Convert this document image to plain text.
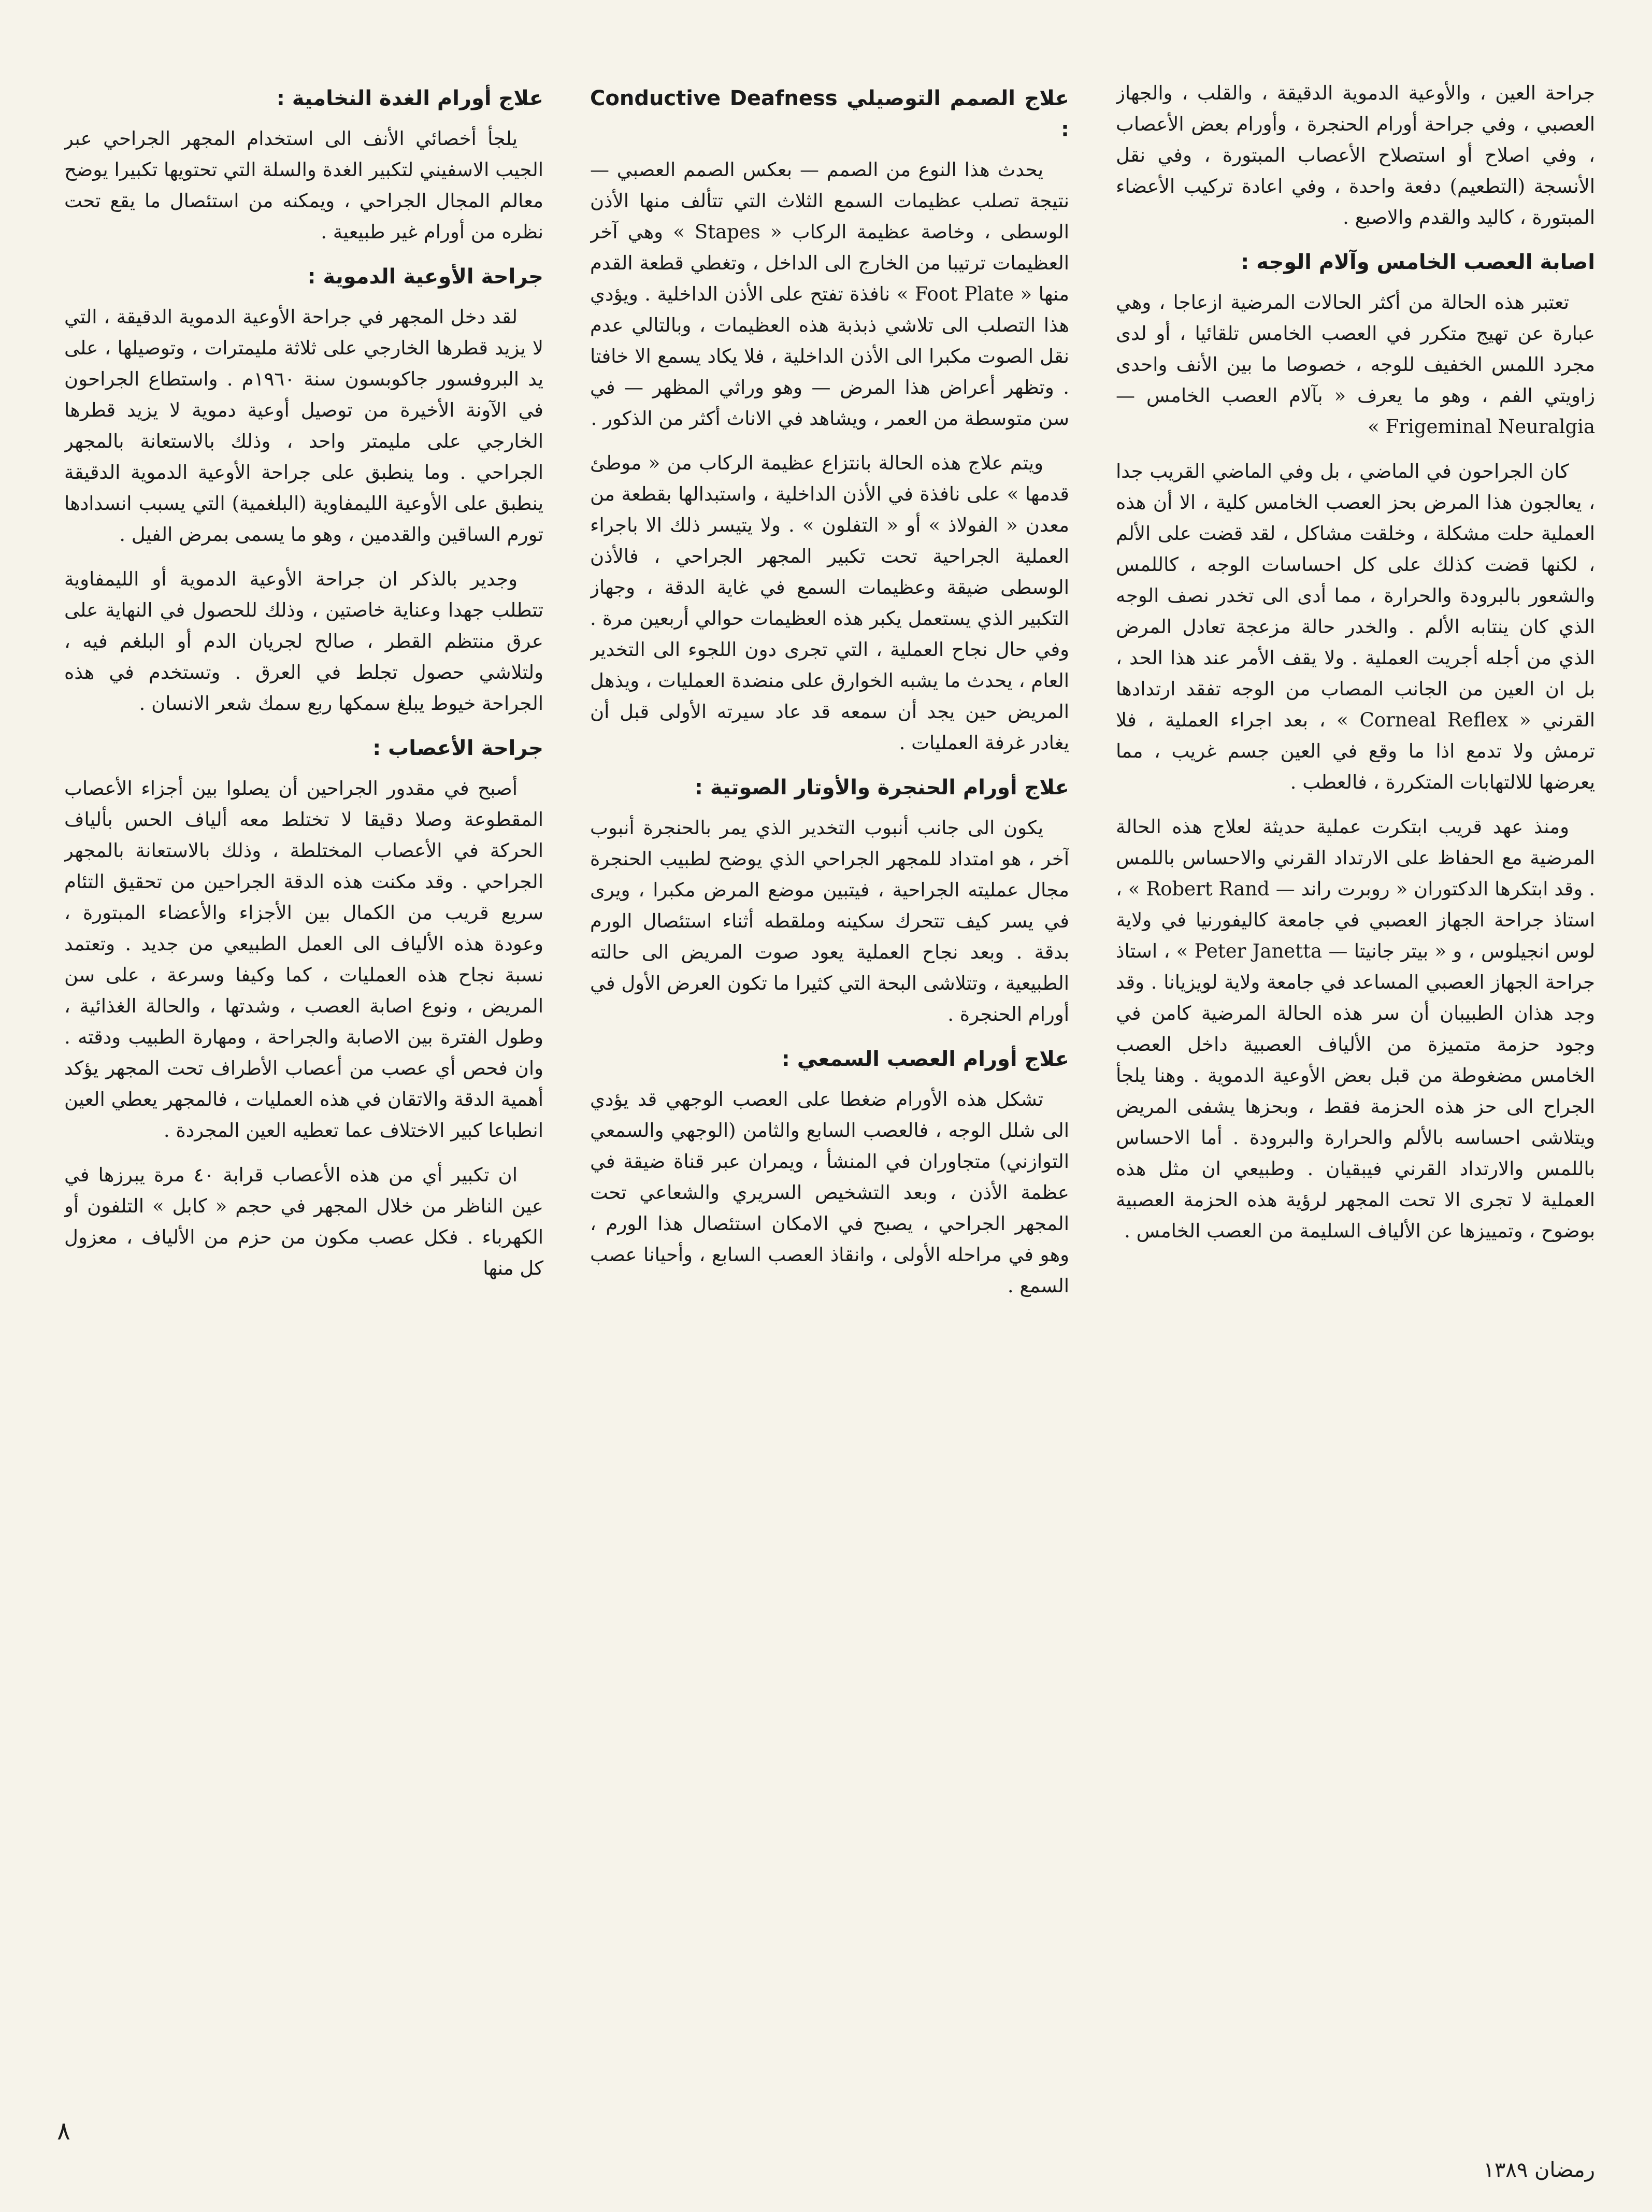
جراحة العين ، والأوعية الدموية الدقيقة ، والقلب ، والجهاز العصبي ، وفي جراحة أورام الحنجرة ، وأورام بعض الأعصاب ، وفي اصلاح أو استصلاح الأعصاب المبتورة ، وفي نقل الأنسجة (التطعيم) دفعة واحدة ، وفي اعادة تركيب الأعضاء المبتورة ، كاليد والقدم والاصبع .

اصابة العصب الخامس وآلام الوجه :

تعتبر هذه الحالة من أكثر الحالات المرضية ازعاجا ، وهي عبارة عن تهيج متكرر في العصب الخامس تلقائيا ، أو لدى مجرد اللمس الخفيف للوجه ، خصوصا ما بين الأنف واحدى زاويتي الفم ، وهو ما يعرف « بآلام العصب الخامس — Frigeminal Neuralgia »

كان الجراحون في الماضي ، بل وفي الماضي القريب جدا ، يعالجون هذا المرض بحز العصب الخامس كلية ، الا أن هذه العملية حلت مشكلة ، وخلقت مشاكل ، لقد قضت على الألم ، لكنها قضت كذلك على كل احساسات الوجه ، كاللمس والشعور بالبرودة والحرارة ، مما أدى الى تخدر نصف الوجه الذي كان ينتابه الألم . والخدر حالة مزعجة تعادل المرض الذي من أجله أجريت العملية . ولا يقف الأمر عند هذا الحد ، بل ان العين من الجانب المصاب من الوجه تفقد ارتدادها القرني « Corneal Reflex » ، بعد اجراء العملية ، فلا ترمش ولا تدمع اذا ما وقع في العين جسم غريب ، مما يعرضها للالتهابات المتكررة ، فالعطب .

ومنذ عهد قريب ابتكرت عملية حديثة لعلاج هذه الحالة المرضية مع الحفاظ على الارتداد القرني والاحساس باللمس . وقد ابتكرها الدكتوران « روبرت راند — Robert Rand » ، استاذ جراحة الجهاز العصبي في جامعة كاليفورنيا في ولاية لوس انجيلوس ، و « بيتر جانيتا — Peter Janetta » ، استاذ جراحة الجهاز العصبي المساعد في جامعة ولاية لويزيانا . وقد وجد هذان الطبيبان أن سر هذه الحالة المرضية كامن في وجود حزمة متميزة من الألياف العصبية داخل العصب الخامس مضغوطة من قبل بعض الأوعية الدموية . وهنا يلجأ الجراح الى حز هذه الحزمة فقط ، وبحزها يشفى المريض ويتلاشى احساسه بالألم والحرارة والبرودة . أما الاحساس باللمس والارتداد القرني فيبقيان . وطبيعي ان مثل هذه العملية لا تجرى الا تحت المجهر لرؤية هذه الحزمة العصبية بوضوح ، وتمييزها عن الألياف السليمة من العصب الخامس .

علاج الصمم التوصيلي Conductive Deafness :

يحدث هذا النوع من الصمم — بعكس الصمم العصبي — نتيجة تصلب عظيمات السمع الثلاث التي تتألف منها الأذن الوسطى ، وخاصة عظيمة الركاب « Stapes » وهي آخر العظيمات ترتيبا من الخارج الى الداخل ، وتغطي قطعة القدم منها « Foot Plate » نافذة تفتح على الأذن الداخلية . ويؤدي هذا التصلب الى تلاشي ذبذبة هذه العظيمات ، وبالتالي عدم نقل الصوت مكبرا الى الأذن الداخلية ، فلا يكاد يسمع الا خافتا . وتظهر أعراض هذا المرض — وهو وراثي المظهر — في سن متوسطة من العمر ، ويشاهد في الاناث أكثر من الذكور .

ويتم علاج هذه الحالة بانتزاع عظيمة الركاب من « موطئ قدمها » على نافذة في الأذن الداخلية ، واستبدالها بقطعة من معدن « الفولاذ » أو « التفلون » . ولا يتيسر ذلك الا باجراء العملية الجراحية تحت تكبير المجهر الجراحي ، فالأذن الوسطى ضيقة وعظيمات السمع في غاية الدقة ، وجهاز التكبير الذي يستعمل يكبر هذه العظيمات حوالي أربعين مرة . وفي حال نجاح العملية ، التي تجرى دون اللجوء الى التخدير العام ، يحدث ما يشبه الخوارق على منضدة العمليات ، ويذهل المريض حين يجد أن سمعه قد عاد سيرته الأولى قبل أن يغادر غرفة العمليات .

علاج أورام الحنجرة والأوتار الصوتية :

يكون الى جانب أنبوب التخدير الذي يمر بالحنجرة أنبوب آخر ، هو امتداد للمجهر الجراحي الذي يوضح لطبيب الحنجرة مجال عمليته الجراحية ، فيتبين موضع المرض مكبرا ، ويرى في يسر كيف تتحرك سكينه وملقطه أثناء استئصال الورم بدقة . وبعد نجاح العملية يعود صوت المريض الى حالته الطبيعية ، وتتلاشى البحة التي كثيرا ما تكون العرض الأول في أورام الحنجرة .

علاج أورام العصب السمعي :

تشكل هذه الأورام ضغطا على العصب الوجهي قد يؤدي الى شلل الوجه ، فالعصب السابع والثامن (الوجهي والسمعي التوازني) متجاوران في المنشأ ، ويمران عبر قناة ضيقة في عظمة الأذن ، وبعد التشخيص السريري والشعاعي تحت المجهر الجراحي ، يصبح في الامكان استئصال هذا الورم ، وهو في مراحله الأولى ، وانقاذ العصب السابع ، وأحيانا عصب السمع .

علاج أورام الغدة النخامية :

يلجأ أخصائي الأنف الى استخدام المجهر الجراحي عبر الجيب الاسفيني لتكبير الغدة والسلة التي تحتويها تكبيرا يوضح معالم المجال الجراحي ، ويمكنه من استئصال ما يقع تحت نظره من أورام غير طبيعية .

جراحة الأوعية الدموية :

لقد دخل المجهر في جراحة الأوعية الدموية الدقيقة ، التي لا يزيد قطرها الخارجي على ثلاثة مليمترات ، وتوصيلها ، على يد البروفسور جاكوبسون سنة ١٩٦٠م . واستطاع الجراحون في الآونة الأخيرة من توصيل أوعية دموية لا يزيد قطرها الخارجي على مليمتر واحد ، وذلك بالاستعانة بالمجهر الجراحي . وما ينطبق على جراحة الأوعية الدموية الدقيقة ينطبق على الأوعية الليمفاوية (البلغمية) التي يسبب انسدادها تورم الساقين والقدمين ، وهو ما يسمى بمرض الفيل .

وجدير بالذكر ان جراحة الأوعية الدموية أو الليمفاوية تتطلب جهدا وعناية خاصتين ، وذلك للحصول في النهاية على عرق منتظم القطر ، صالح لجريان الدم أو البلغم فيه ، ولتلاشي حصول تجلط في العرق . وتستخدم في هذه الجراحة خيوط يبلغ سمكها ربع سمك شعر الانسان .

جراحة الأعصاب :

أصبح في مقدور الجراحين أن يصلوا بين أجزاء الأعصاب المقطوعة وصلا دقيقا لا تختلط معه ألياف الحس بألياف الحركة في الأعصاب المختلطة ، وذلك بالاستعانة بالمجهر الجراحي . وقد مكنت هذه الدقة الجراحين من تحقيق التئام سريع قريب من الكمال بين الأجزاء والأعضاء المبتورة ، وعودة هذه الألياف الى العمل الطبيعي من جديد . وتعتمد نسبة نجاح هذه العمليات ، كما وكيفا وسرعة ، على سن المريض ، ونوع اصابة العصب ، وشدتها ، والحالة الغذائية ، وطول الفترة بين الاصابة والجراحة ، ومهارة الطبيب ودقته . وان فحص أي عصب من أعصاب الأطراف تحت المجهر يؤكد أهمية الدقة والاتقان في هذه العمليات ، فالمجهر يعطي العين انطباعا كبير الاختلاف عما تعطيه العين المجردة .

ان تكبير أي من هذه الأعصاب قرابة ٤٠ مرة يبرزها في عين الناظر من خلال المجهر في حجم « كابل » التلفون أو الكهرباء . فكل عصب مكون من حزم من الألياف ، معزول كل منها

٨
رمضان ١٣٨٩
